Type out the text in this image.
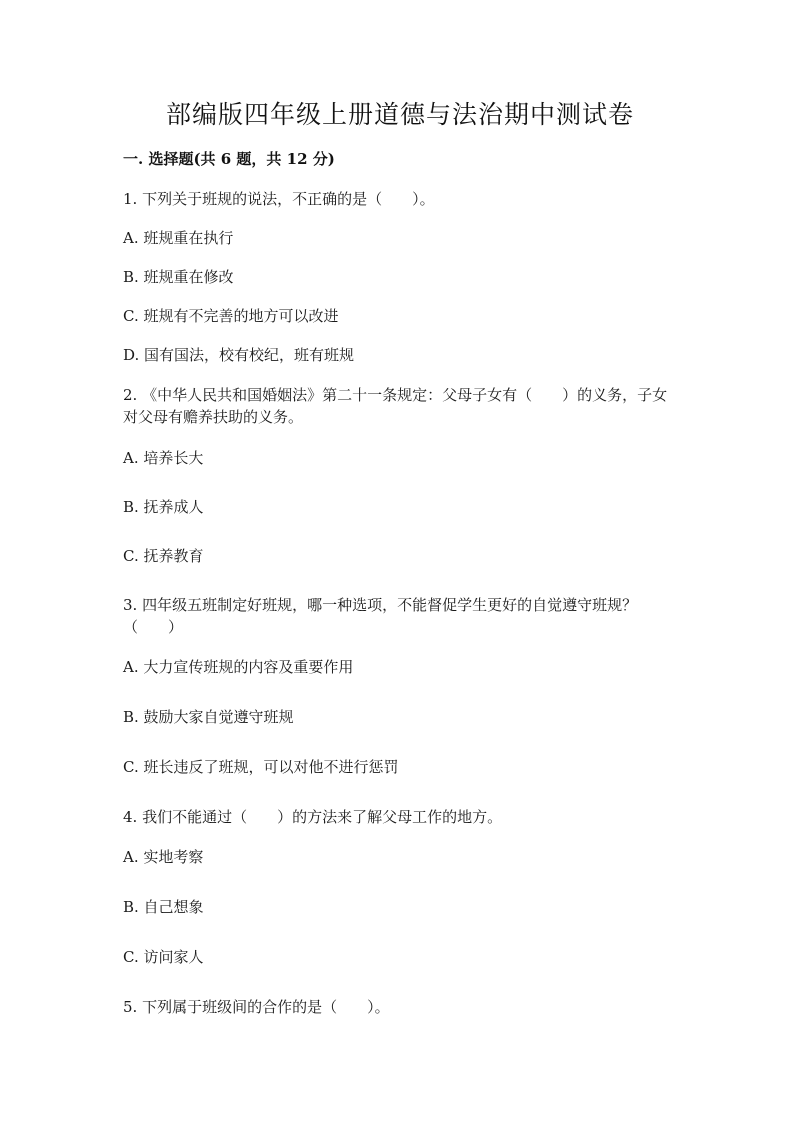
部编版四年级上册道德与法治期中测试卷
一. 选择题(共 6 题，共 12 分)
1. 下列关于班规的说法，不正确的是（　　）。
A. 班规重在执行
B. 班规重在修改
C. 班规有不完善的地方可以改进
D. 国有国法，校有校纪，班有班规
2. 《中华人民共和国婚姻法》第二十一条规定：父母子女有（　　）的义务，子女对父母有赡养扶助的义务。
A. 培养长大
B. 抚养成人
C. 抚养教育
3. 四年级五班制定好班规，哪一种选项，不能督促学生更好的自觉遵守班规？（　　）
A. 大力宣传班规的内容及重要作用
B. 鼓励大家自觉遵守班规
C. 班长违反了班规，可以对他不进行惩罚
4. 我们不能通过（　　）的方法来了解父母工作的地方。
A. 实地考察
B. 自己想象
C. 访问家人
5. 下列属于班级间的合作的是（　　）。
